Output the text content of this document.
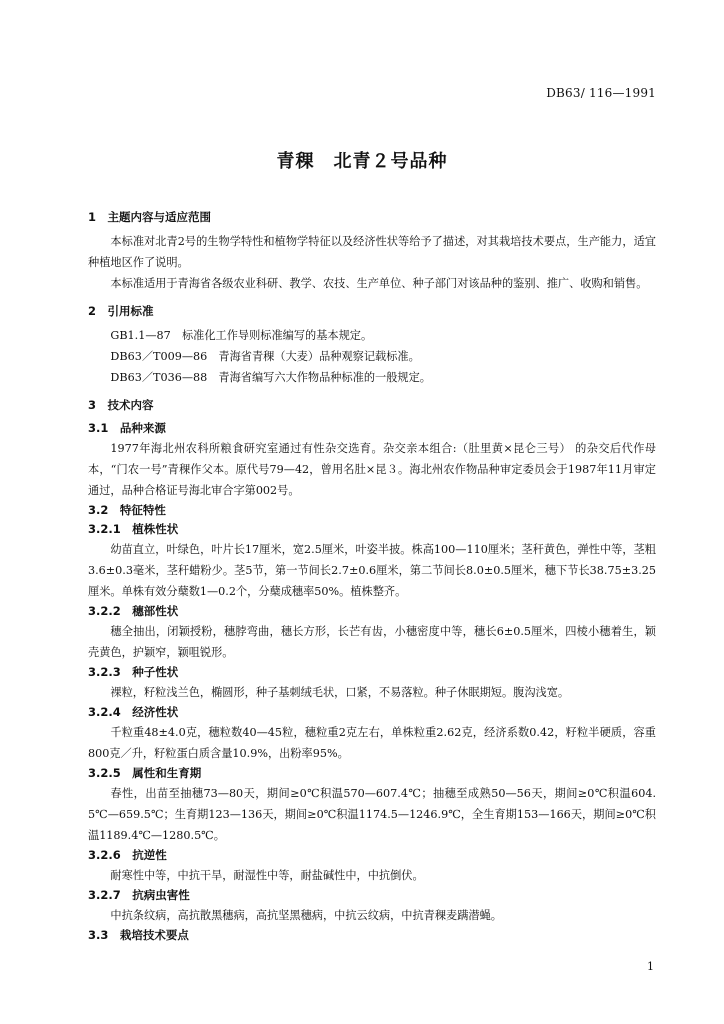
DB63/ 116—1991
青稞　北青２号品种
1　主题内容与适应范围

本标准对北青2号的生物学特性和植物学特征以及经济性状等给予了描述，对其栽培技术要点，生产能力，适宜种植地区作了说明。

本标准适用于青海省各级农业科研、教学、农技、生产单位、种子部门对该品种的鉴别、推广、收购和销售。

2　引用标准

GB1.1—87　标准化工作导则标准编写的基本规定。

DB63／T009—86　青海省青稞（大麦）品种观察记载标准。

DB63／T036—88　青海省编写六大作物品种标准的一般规定。

3　技术内容
3.1　品种来源

1977年海北州农科所粮食研究室通过有性杂交选育。杂交亲本组合:（肚里黄×昆仑三号） 的杂交后代作母本，“门农一号”青稞作父本。原代号79—42，曾用名肚×昆３。海北州农作物品种审定委员会于1987年11月审定通过，品种合格证号海北审合字第002号。

3.2　特征特性
3.2.1　植株性状

幼苗直立，叶绿色，叶片长17厘米，宽2.5厘米，叶姿半披。株高100—110厘米；茎秆黄色，弹性中等，茎粗3.6±0.3毫米，茎秆蜡粉少。茎5节，第一节间长2.7±0.6厘米，第二节间长8.0±0.5厘米，穗下节长38.75±3.25厘米。单株有效分蘖数1—0.2个，分蘖成穗率50%。植株整齐。

3.2.2　穗部性状

穗全抽出，闭颖授粉，穗脖弯曲，穗长方形，长芒有齿，小穗密度中等，穗长6±0.5厘米，四棱小穗着生，颖壳黄色，护颖窄，颖咀锐形。

3.2.3　种子性状

裸粒，籽粒浅兰色，椭圆形，种子基刺绒毛状，口紧，不易落粒。种子休眠期短。腹沟浅宽。

3.2.4　经济性状

千粒重48±4.0克，穗粒数40—45粒，穗粒重2克左右，单株粒重2.62克，经济系数0.42，籽粒半硬质，容重800克／升，籽粒蛋白质含量10.9%，出粉率95%。

3.2.5　属性和生育期

春性，出苗至抽穗73—80天，期间≥0℃积温570—607.4℃；抽穗至成熟50—56天，期间≥0℃积温604.5℃—659.5℃；生育期123—136天，期间≥0℃积温1174.5—1246.9℃，全生育期153—166天，期间≥0℃积温1189.4℃—1280.5℃。

3.2.6　抗逆性

耐寒性中等，中抗干旱，耐湿性中等，耐盐碱性中，中抗倒伏。

3.2.7　抗病虫害性

中抗条纹病，高抗散黑穗病，高抗坚黑穗病，中抗云纹病，中抗青稞麦蹒潜蝇。

3.3　栽培技术要点
1
